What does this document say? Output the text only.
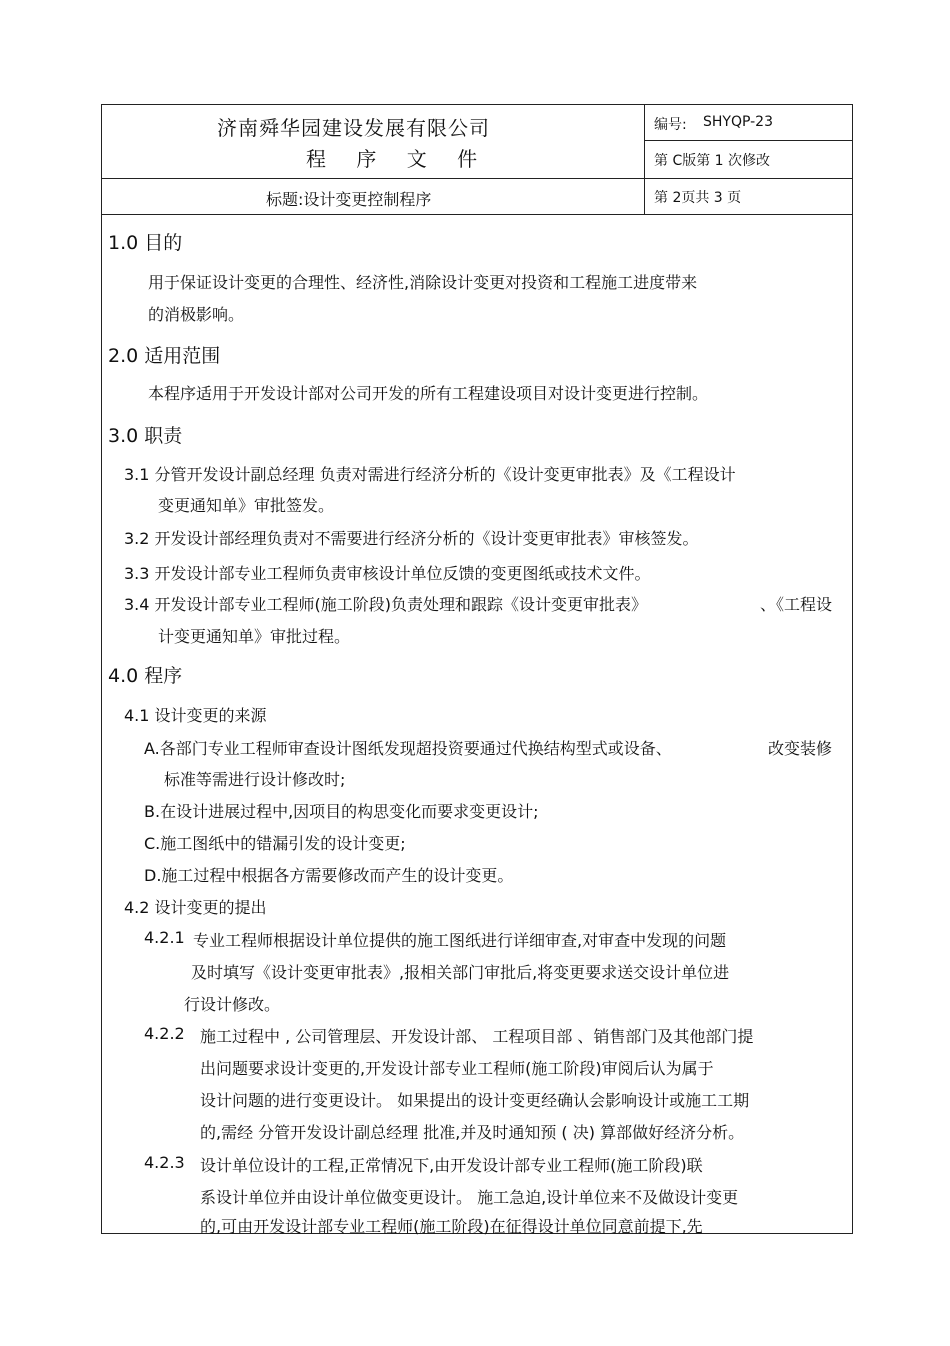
济南舜华园建设发展有限公司
程 序 文 件
编号: SHYQP-23
第 C版第 1 次修改
标题:设计变更控制程序	第 2页共 3 页
1.0 目的
用于保证设计变更的合理性、经济性,消除设计变更对投资和工程施工进度带来
的消极影响。
2.0 适用范围
本程序适用于开发设计部对公司开发的所有工程建设项目对设计变更进行控制。
3.0 职责
3.1 分管开发设计副总经理 负责对需进行经济分析的《设计变更审批表》及《工程设计
变更通知单》审批签发。
3.2 开发设计部经理负责对不需要进行经济分析的《设计变更审批表》审核签发。
3.3 开发设计部专业工程师负责审核设计单位反馈的变更图纸或技术文件。
3.4 开发设计部专业工程师(施工阶段)负责处理和跟踪《设计变更审批表》	、《工程设
计变更通知单》审批过程。
4.0 程序
4.1 设计变更的来源
A.各部门专业工程师审查设计图纸发现超投资要通过代换结构型式或设备、	改变装修
标准等需进行设计修改时;
B.在设计进展过程中,因项目的构思变化而要求变更设计;
C.施工图纸中的错漏引发的设计变更;
D.施工过程中根据各方需要修改而产生的设计变更。
4.2 设计变更的提出
4.2.1 专业工程师根据设计单位提供的施工图纸进行详细审查,对审查中发现的问题
及时填写《设计变更审批表》,报相关部门审批后,将变更要求送交设计单位进
行设计修改。
4.2.2 施工过程中 , 公司管理层、开发设计部、 工程项目部 、销售部门及其他部门提
出问题要求设计变更的,开发设计部专业工程师(施工阶段)审阅后认为属于
设计问题的进行变更设计。 如果提出的设计变更经确认会影响设计或施工工期
的,需经 分管开发设计副总经理 批准,并及时通知预 ( 决) 算部做好经济分析。
4.2.3 设计单位设计的工程,正常情况下,由开发设计部专业工程师(施工阶段)联
系设计单位并由设计单位做变更设计。 施工急迫,设计单位来不及做设计变更
的,可由开发设计部专业工程师(施工阶段)在征得设计单位同意前提下,先
